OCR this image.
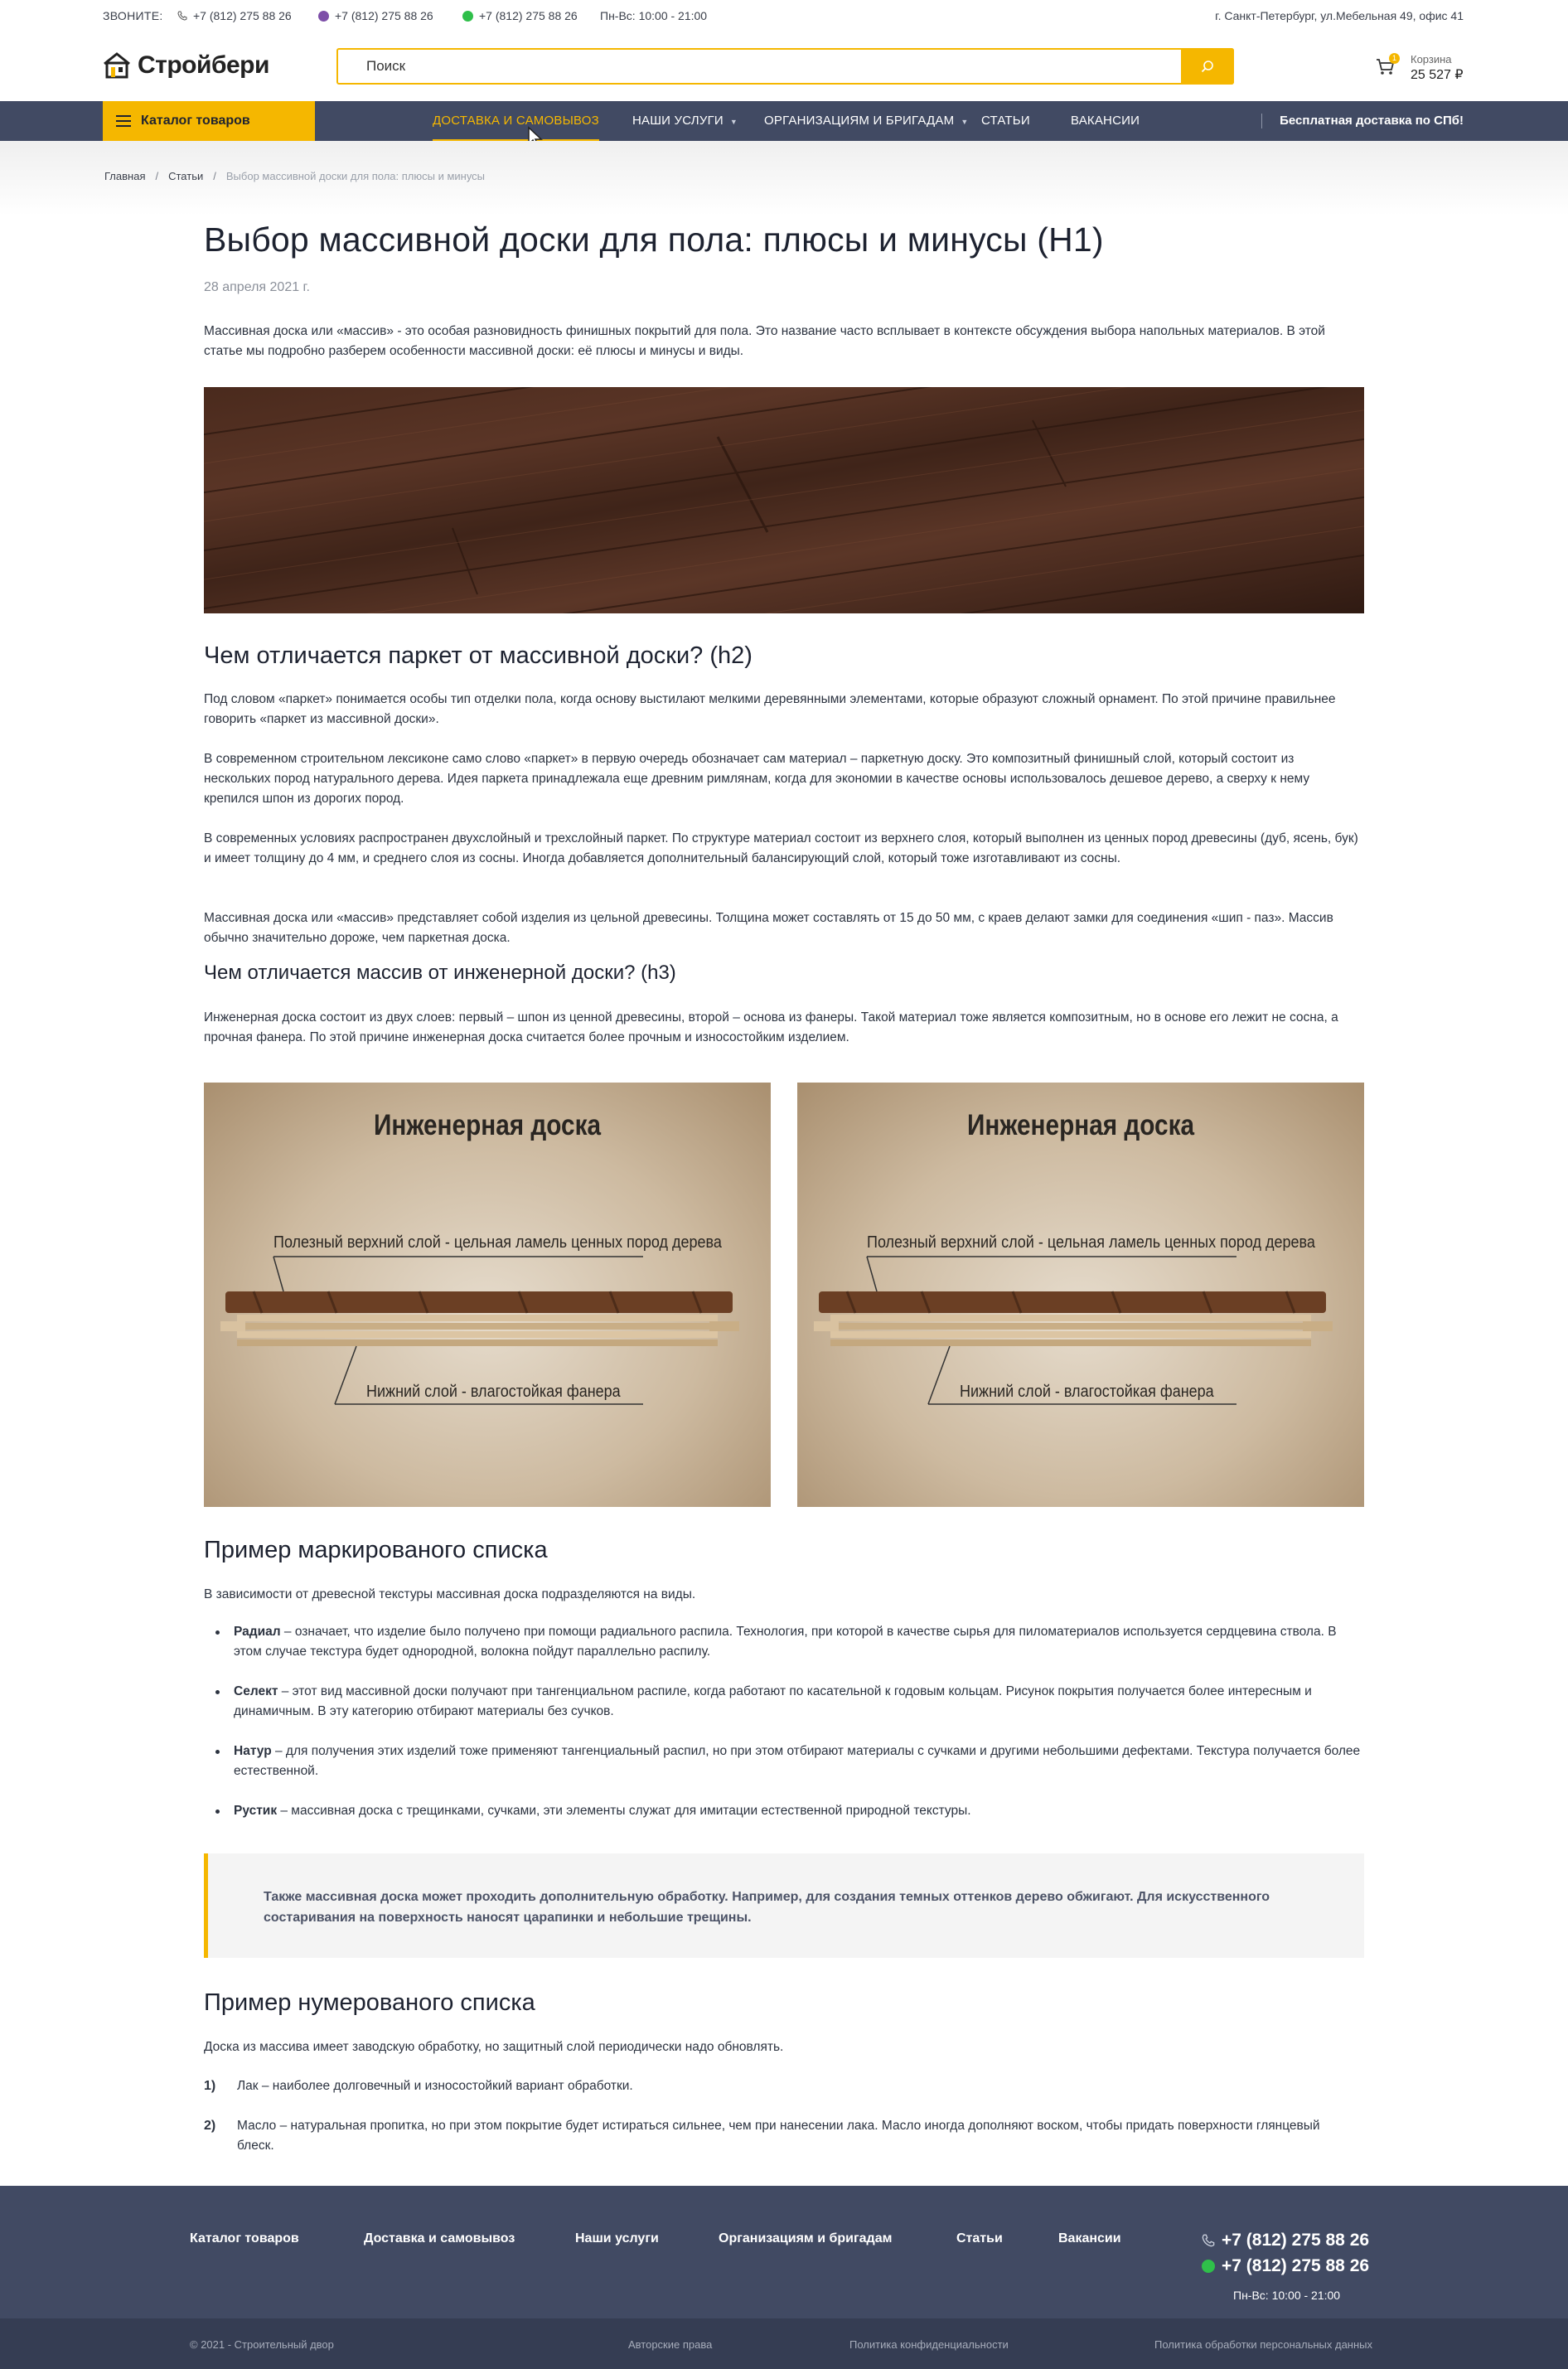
ЗВОНИТЕ:	+7 (812) 275 88 26	+7 (812) 275 88 26	+7 (812) 275 88 26 Пн-Вс: 10:00 - 21:00	г. Санкт-Петербург, ул.Мебельная 49, офис 41
Стройбери
Поиск	1	Корзина
25 527 ₽
Каталог товаров	ДОСТАВКА И САМОВЫВОЗ	НАШИ УСЛУГИ ▼ ОРГАНИЗАЦИЯМ И БРИГАДАМ ▼ СТАТЬИ	ВАКАНСИИ	Бесплатная доставка по СПб!
Главная / Статьи / Выбор массивной доски для пола: плюсы и минусы
Выбор массивной доски для пола: плюсы и минусы (H1)
28 апреля 2021 г.

Массивная доска или «массив» - это особая разновидность финишных покрытий для пола. Это название часто всплывает в контексте обсуждения выбора напольных материалов. В этой статье мы подробно разберем особенности массивной доски: её плюсы и минусы и виды.

Чем отличается паркет от массивной доски? (h2)

Под словом «паркет» понимается особы тип отделки пола, когда основу выстилают мелкими деревянными элементами, которые образуют сложный орнамент. По этой причине правильнее говорить «паркет из массивной доски».

В современном строительном лексиконе само слово «паркет» в первую очередь обозначает сам материал – паркетную доску. Это композитный финишный слой, который состоит из нескольких пород натурального дерева. Идея паркета принадлежала еще древним римлянам, когда для экономии в качестве основы использовалось дешевое дерево, а сверху к нему крепился шпон из дорогих пород.

В современных условиях распространен двухслойный и трехслойный паркет. По структуре материал состоит из верхнего слоя, который выполнен из ценных пород древесины (дуб, ясень, бук) и имеет толщину до 4 мм, и среднего слоя из сосны. Иногда добавляется дополнительный балансирующий слой, который тоже изготавливают из сосны.

Массивная доска или «массив» представляет собой изделия из цельной древесины. Толщина может составлять от 15 до 50 мм, с краев делают замки для соединения «шип - паз». Массив обычно значительно дороже, чем паркетная доска.

Чем отличается массив от инженерной доски? (h3)

Инженерная доска состоит из двух слоев: первый – шпон из ценной древесины, второй – основа из фанеры. Такой материал тоже является композитным, но в основе его лежит не сосна, а прочная фанера. По этой причине инженерная доска считается более прочным и износостойким изделием.

Инженерная доска
Полезный верхний слой - цельная ламель ценных пород дерева
Нижний слой - влагостойкая фанера
Инженерная доска
Полезный верхний слой - цельная ламель ценных пород дерева
Нижний слой - влагостойкая фанера
Пример маркированого списка

В зависимости от древесной текстуры массивная доска подразделяются на виды.

Радиал – означает, что изделие было получено при помощи радиального распила. Технология, при которой в качестве сырья для пиломатериалов используется сердцевина ствола. В этом случае текстура будет однородной, волокна пойдут параллельно распилу.
Селект – этот вид массивной доски получают при тангенциальном распиле, когда работают по касательной к годовым кольцам. Рисунок покрытия получается более интересным и динамичным. В эту категорию отбирают материалы без сучков.
Натур – для получения этих изделий тоже применяют тангенциальный распил, но при этом отбирают материалы с сучками и другими небольшими дефектами. Текстура получается более естественной.
Рустик – массивная доска с трещинками, сучками, эти элементы служат для имитации естественной природной текстуры.

Также массивная доска может проходить дополнительную обработку. Например, для создания темных оттенков дерево обжигают. Для искусственного состаривания на поверхность наносят царапинки и небольшие трещины.

Пример нумерованого списка

Доска из массива имеет заводскую обработку, но защитный слой периодически надо обновлять.

1) Лак – наиболее долговечный и износостойкий вариант обработки.
2) Масло – натуральная пропитка, но при этом покрытие будет истираться сильнее, чем при нанесении лака. Масло иногда дополняют воском, чтобы придать поверхности глянцевый блеск.
Каталог товаров	Доставка и самовывоз	Наши услуги	Организациям и бригадам	Статьи	Вакансии	+7 (812) 275 88 26
+7 (812) 275 88 26
Пн-Вс: 10:00 - 21:00
© 2021 - Строительный двор	Авторские права	Политика конфиденциальности	Политика обработки персональных данных
